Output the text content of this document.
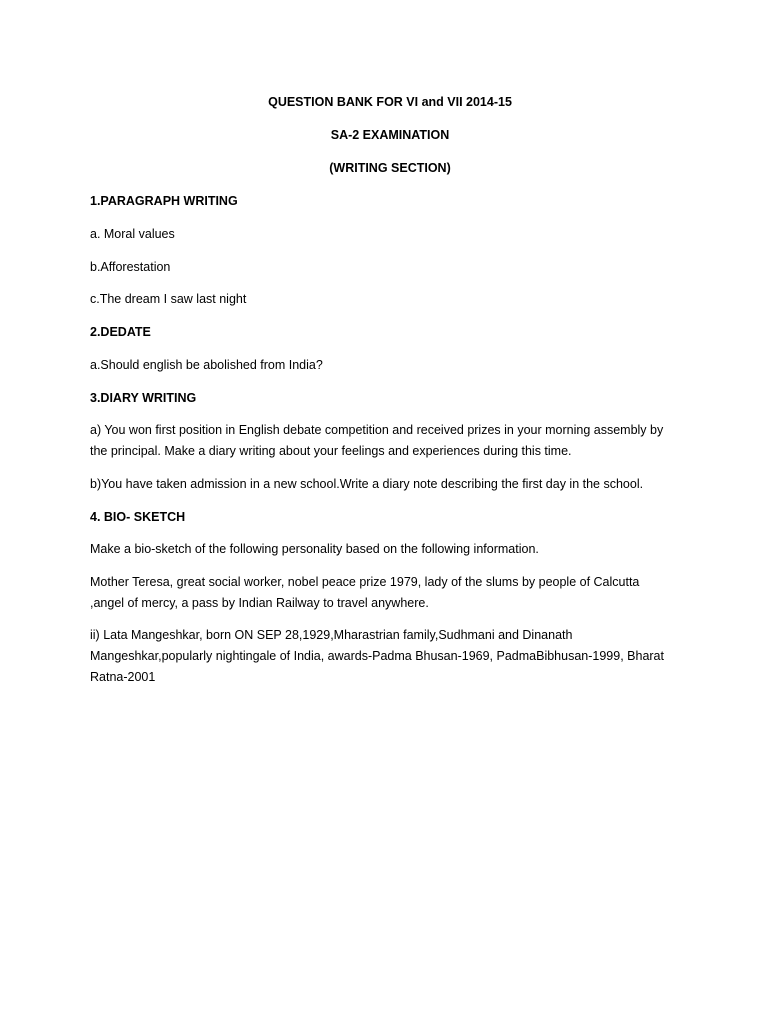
QUESTION BANK FOR VI and VII 2014-15
SA-2 EXAMINATION
(WRITING SECTION)
1.PARAGRAPH WRITING
a. Moral values
b.Afforestation
c.The dream I saw last night
2.DEDATE
a.Should english be abolished from India?
3.DIARY WRITING
a) You won first position in English debate competition and received prizes in your morning assembly by
the principal. Make a diary writing about your feelings and experiences during this time.
b)You have taken admission in a new school.Write a diary note describing the first day in the school.
4. BIO- SKETCH
Make a bio-sketch of the following personality based on the following information.
Mother Teresa, great social worker, nobel peace prize 1979, lady of the slums by people of Calcutta
,angel of mercy, a pass by Indian Railway to travel anywhere.
ii) Lata Mangeshkar, born ON SEP 28,1929,Mharastrian family,Sudhmani and Dinanath
Mangeshkar,popularly nightingale of India, awards-Padma Bhusan-1969, PadmaBibhusan-1999, Bharat
Ratna-2001
